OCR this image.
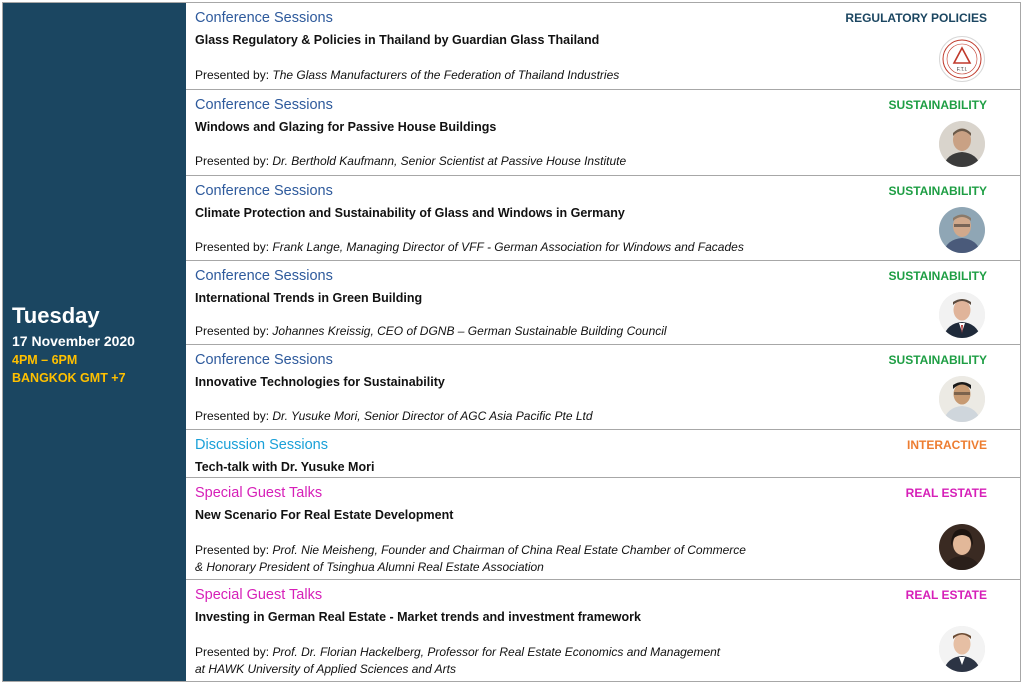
Tuesday
17 November 2020
4PM – 6PM
BANGKOK GMT +7
Conference Sessions
Glass Regulatory & Policies in Thailand by Guardian Glass Thailand
Presented by: The Glass Manufacturers of the Federation of Thailand Industries
REGULATORY POLICIES
F.T.I.
Conference Sessions
Windows and Glazing for Passive House Buildings
Presented by: Dr. Berthold Kaufmann, Senior Scientist at Passive House Institute
SUSTAINABILITY
Conference Sessions
Climate Protection and Sustainability of Glass and Windows in Germany
Presented by: Frank Lange, Managing Director of VFF - German Association for Windows and Facades
SUSTAINABILITY
Conference Sessions
International Trends in Green Building
Presented by: Johannes Kreissig, CEO of DGNB – German Sustainable Building Council
SUSTAINABILITY
Conference Sessions
Innovative Technologies for Sustainability
Presented by: Dr. Yusuke Mori, Senior Director of AGC Asia Pacific Pte Ltd
SUSTAINABILITY
Discussion Sessions
Tech-talk with Dr. Yusuke Mori
INTERACTIVE
Special Guest Talks
New Scenario For Real Estate Development
Presented by: Prof. Nie Meisheng, Founder and Chairman of China Real Estate Chamber of Commerce
& Honorary President of Tsinghua Alumni Real Estate Association
REAL ESTATE
Special Guest Talks
Investing in German Real Estate - Market trends and investment framework
Presented by: Prof. Dr. Florian Hackelberg, Professor for Real Estate Economics and Management
at HAWK University of Applied Sciences and Arts
REAL ESTATE
